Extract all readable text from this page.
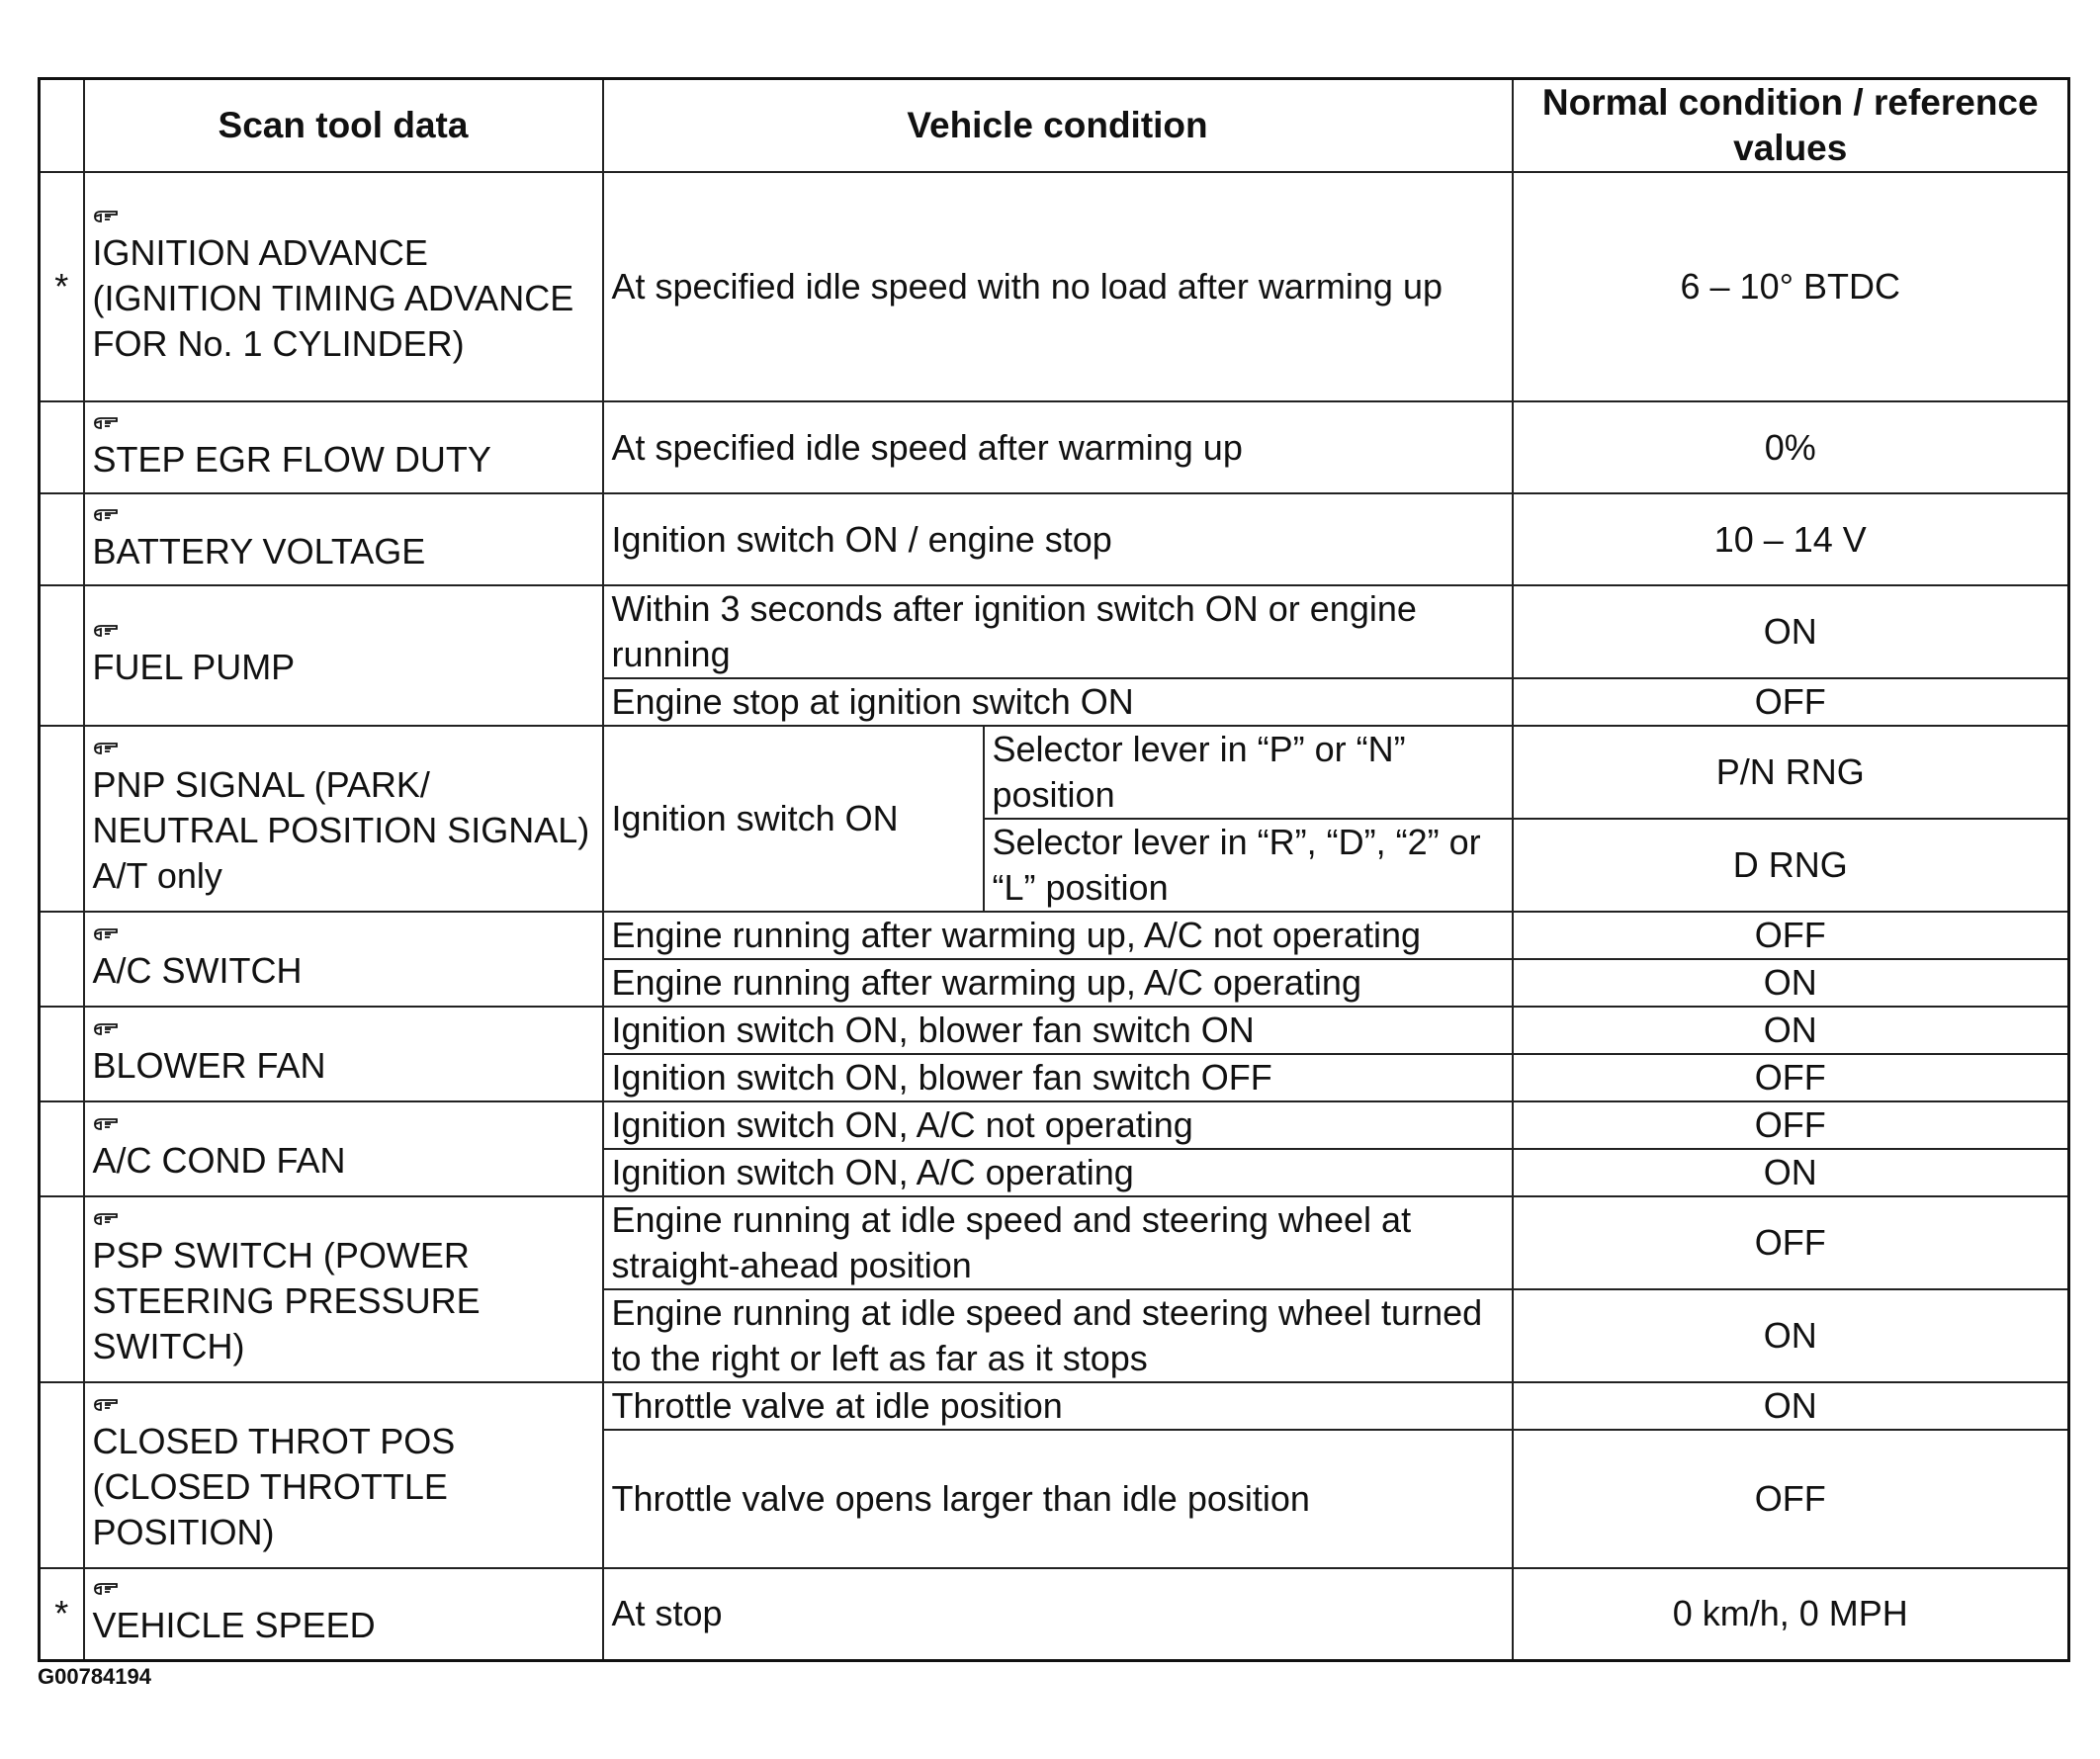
	Scan tool data	Vehicle condition		Normal condition / reference values
*	IGNITION ADVANCE (IGNITION TIMING ADVANCE FOR No. 1 CYLINDER)	At specified idle speed with no load after warming up		6 – 10° BTDC

STEP EGR FLOW DUTY	At specified idle speed after warming up		0%

BATTERY VOLTAGE	Ignition switch ON / engine stop		10 – 14 V

FUEL PUMP	Within 3 seconds after ignition switch ON or engine running		ON
		Engine stop at ignition switch ON		OFF

PNP SIGNAL (PARK/ NEUTRAL POSITION SIGNAL) A/T only	Ignition switch ON	Selector lever in “P” or “N” position	P/N RNG
			Selector lever in “R”, “D”, “2” or “L” position	D RNG

A/C SWITCH	Engine running after warming up, A/C not operating		OFF
		Engine running after warming up, A/C operating		ON

BLOWER FAN	Ignition switch ON, blower fan switch ON		ON
		Ignition switch ON, blower fan switch OFF		OFF

A/C COND FAN	Ignition switch ON, A/C not operating		OFF
		Ignition switch ON, A/C operating		ON

PSP SWITCH (POWER STEERING PRESSURE SWITCH)	Engine running at idle speed and steering wheel at straight-ahead position		OFF
		Engine running at idle speed and steering wheel turned to the right or left as far as it stops		ON

CLOSED THROT POS (CLOSED THROTTLE POSITION)	Throttle valve at idle position		ON
		Throttle valve opens larger than idle position		OFF
*	VEHICLE SPEED	At stop		0 km/h, 0 MPH
G00784194
